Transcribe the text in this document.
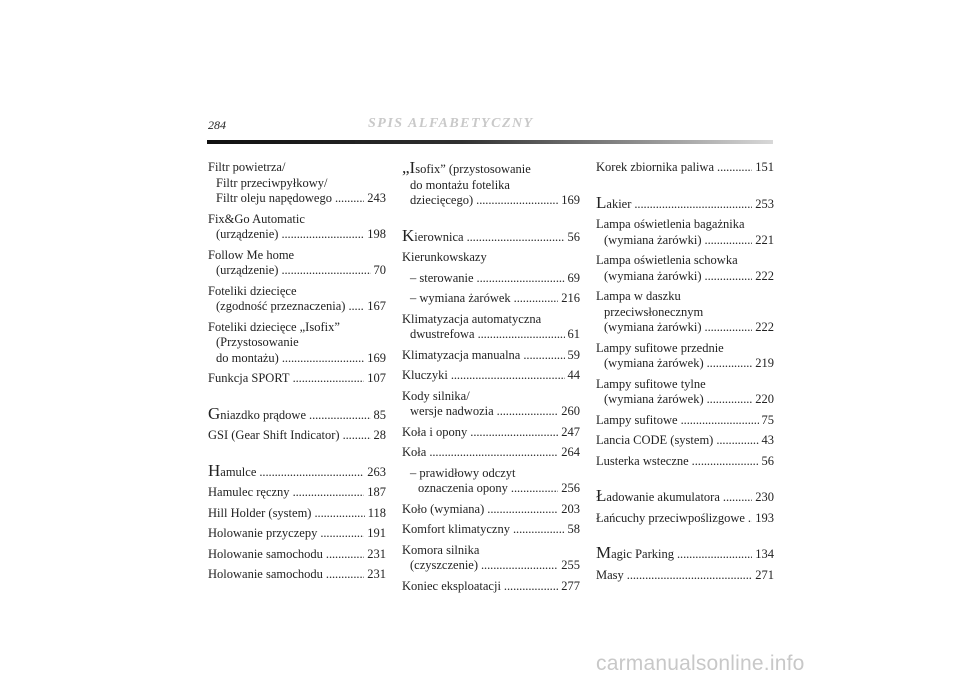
284	SPIS ALFABETYCZNY
Filtr powietrza/
Filtr przeciwpyłkowy/
Filtr oleju napędowego . . .	243
Fix&Go Automatic
(urządzenie) . . .	198
Follow Me home
(urządzenie) . . .	70
Foteliki dziecięce
(zgodność przeznaczenia) . . . 167
Foteliki dziecięce „Isofix”
(Przystosowanie
do montażu) . . .	169
Funkcja SPORT . . .	107
Gniazdko prądowe . . .	85
GSI (Gear Shift Indicator) . . .	28
Hamulce . . .	263
Hamulec ręczny . . .	187
Hill Holder (system) . . .	118
Holowanie przyczepy . . .	191
Holowanie samochodu . . .	231
Holowanie samochodu . . .	231
„Isofix” (przystosowanie
do montażu fotelika
dziecięcego) . . .	169
Kierownica . . .	56
Kierunkowskazy
– sterowanie . . .	69
– wymiana żarówek . . .	216
Klimatyzacja automatyczna
dwustrefowa . . .	61
Klimatyzacja manualna . . .	59
Kluczyki . . .	44
Kody silnika/
wersje nadwozia . . .	260
Koła i opony . . .	247
Koła . . .	264
– prawidłowy odczyt
oznaczenia opony . . .	256
Koło (wymiana) . . .	203
Komfort klimatyczny . . .	58
Komora silnika
(czyszczenie) . . .	255
Koniec eksploatacji . . .	277
Korek zbiornika paliwa . . .	151
Lakier . . .	253
Lampa oświetlenia bagażnika
(wymiana żarówki) . . .	221
Lampa oświetlenia schowka
(wymiana żarówki) . . .	222
Lampa w daszku
przeciwsłonecznym
(wymiana żarówki) . . .	222
Lampy sufitowe przednie
(wymiana żarówek) . . .	219
Lampy sufitowe tylne
(wymiana żarówek) . . .	220
Lampy sufitowe . . .	75
Lancia CODE (system) . . .	43
Lusterka wsteczne . . .	56
Ładowanie akumulatora . . .	230
Łańcuchy przeciwpoślizgowe . . . 193
Magic Parking . . .	134
Masy . . .	271
carmanualsonline.info
